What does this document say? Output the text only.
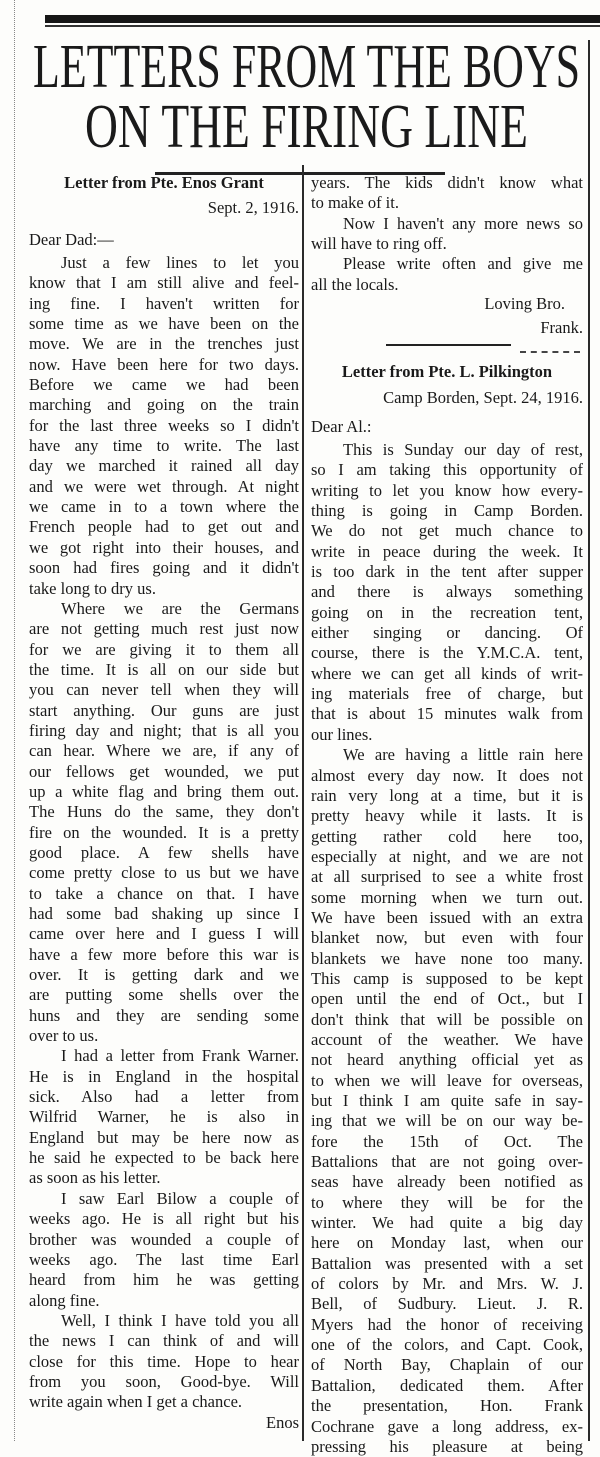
LETTERS FROM THE BOYS
ON THE FIRING LINE
Letter from Pte. Enos Grant
Sept. 2, 1916.
Dear Dad:—
Just a few lines to let you
know that I am still alive and feel-
ing fine. I haven't written for
some time as we have been on the
move. We are in the trenches just
now. Have been here for two days.
Before we came we had been
marching and going on the train
for the last three weeks so I didn't
have any time to write. The last
day we marched it rained all day
and we were wet through. At night
we came in to a town where the
French people had to get out and
we got right into their houses, and
soon had fires going and it didn't
take long to dry us.
Where we are the Germans
are not getting much rest just now
for we are giving it to them all
the time. It is all on our side but
you can never tell when they will
start anything. Our guns are just
firing day and night; that is all you
can hear. Where we are, if any of
our fellows get wounded, we put
up a white flag and bring them out.
The Huns do the same, they don't
fire on the wounded. It is a pretty
good place. A few shells have
come pretty close to us but we have
to take a chance on that. I have
had some bad shaking up since I
came over here and I guess I will
have a few more before this war is
over. It is getting dark and we
are putting some shells over the
huns and they are sending some
over to us.
I had a letter from Frank Warner.
He is in England in the hospital
sick. Also had a letter from
Wilfrid Warner, he is also in
England but may be here now as
he said he expected to be back here
as soon as his letter.
I saw Earl Bilow a couple of
weeks ago. He is all right but his
brother was wounded a couple of
weeks ago. The last time Earl
heard from him he was getting
along fine.
Well, I think I have told you all
the news I can think of and will
close for this time. Hope to hear
from you soon, Good-bye. Will
write again when I get a chance.
Enos
years. The kids didn't know what
to make of it.
Now I haven't any more news so
will have to ring off.
Please write often and give me
all the locals.
Loving Bro.
Frank.
Letter from Pte. L. Pilkington
Camp Borden, Sept. 24, 1916.
Dear Al.:
This is Sunday our day of rest,
so I am taking this opportunity of
writing to let you know how every-
thing is going in Camp Borden.
We do not get much chance to
write in peace during the week. It
is too dark in the tent after supper
and there is always something
going on in the recreation tent,
either singing or dancing. Of
course, there is the Y.M.C.A. tent,
where we can get all kinds of writ-
ing materials free of charge, but
that is about 15 minutes walk from
our lines.
We are having a little rain here
almost every day now. It does not
rain very long at a time, but it is
pretty heavy while it lasts. It is
getting rather cold here too,
especially at night, and we are not
at all surprised to see a white frost
some morning when we turn out.
We have been issued with an extra
blanket now, but even with four
blankets we have none too many.
This camp is supposed to be kept
open until the end of Oct., but I
don't think that will be possible on
account of the weather. We have
not heard anything official yet as
to when we will leave for overseas,
but I think I am quite safe in say-
ing that we will be on our way be-
fore the 15th of Oct. The
Battalions that are not going over-
seas have already been notified as
to where they will be for the
winter. We had quite a big day
here on Monday last, when our
Battalion was presented with a set
of colors by Mr. and Mrs. W. J.
Bell, of Sudbury. Lieut. J. R.
Myers had the honor of receiving
one of the colors, and Capt. Cook,
of North Bay, Chaplain of our
Battalion, dedicated them. After
the presentation, Hon. Frank
Cochrane gave a long address, ex-
pressing his pleasure at being
